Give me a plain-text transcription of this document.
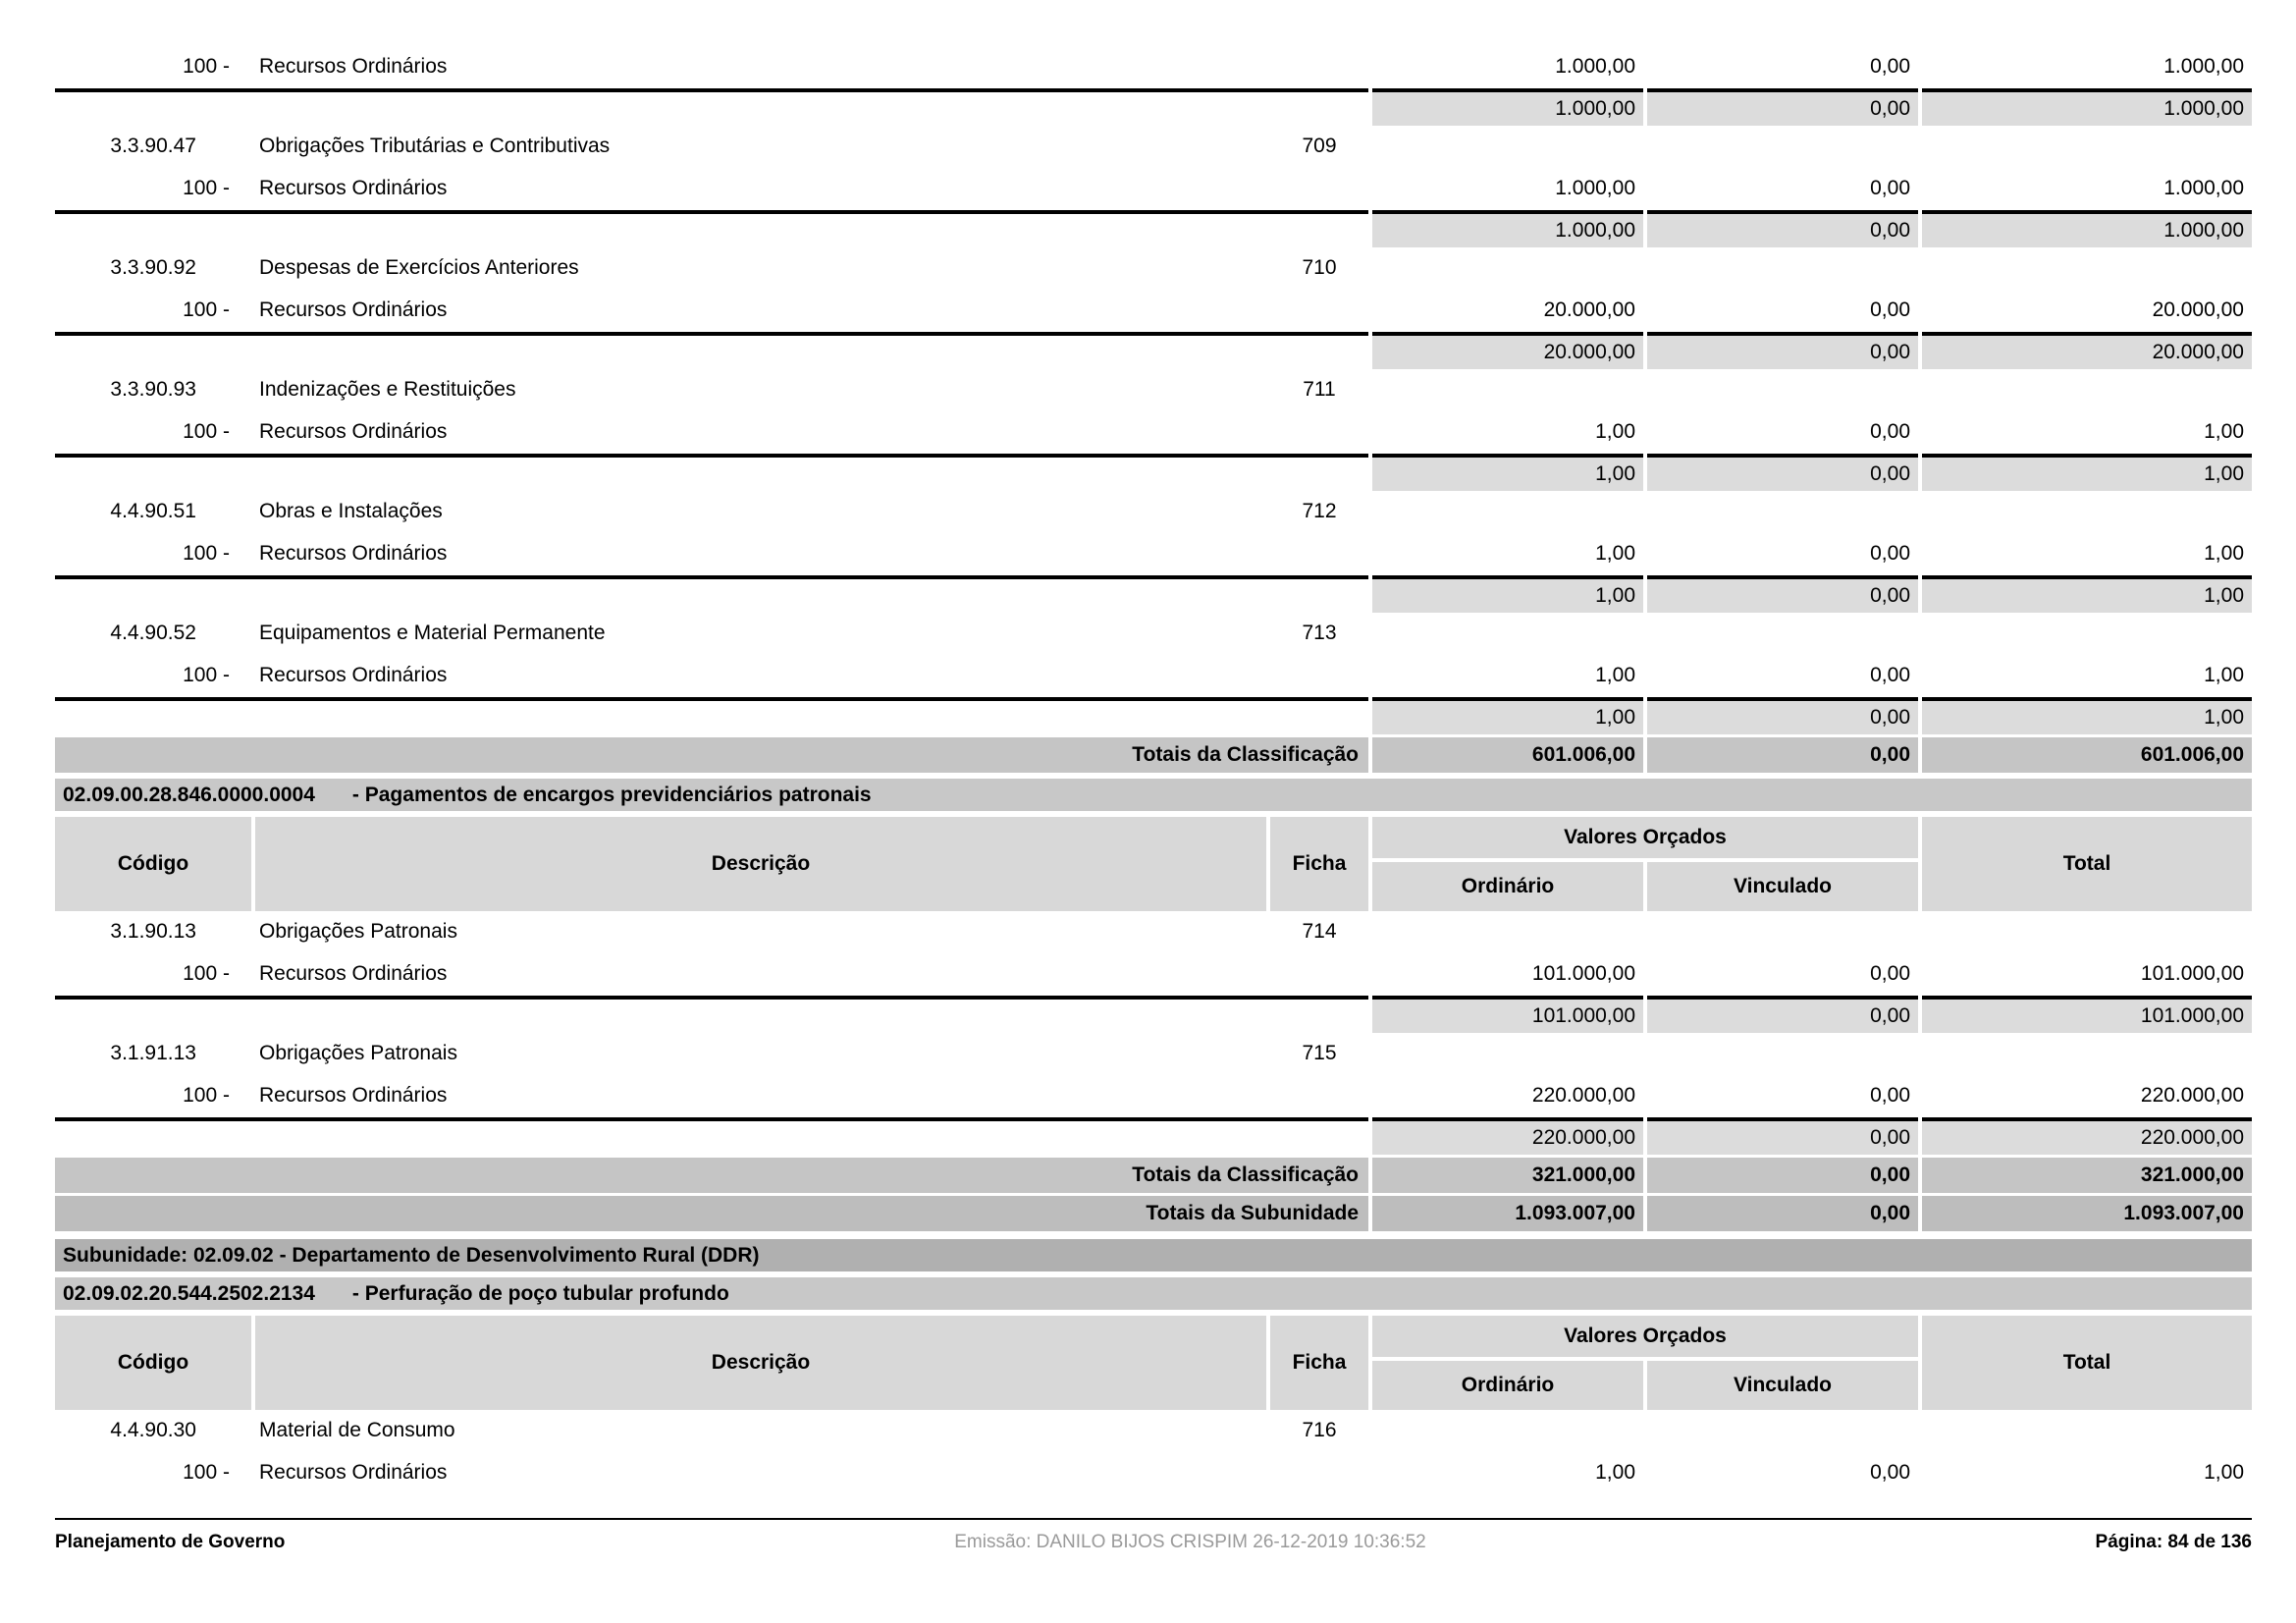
100 -	Recursos Ordinários	1.000,00	0,00	1.000,00
1.000,00	0,00	1.000,00
3.3.90.47	Obrigações Tributárias e Contributivas	709
100 -	Recursos Ordinários	1.000,00	0,00	1.000,00
1.000,00	0,00	1.000,00
3.3.90.92	Despesas de Exercícios Anteriores	710
100 -	Recursos Ordinários	20.000,00	0,00	20.000,00
20.000,00	0,00	20.000,00
3.3.90.93	Indenizações e Restituições	711
100 -	Recursos Ordinários	1,00	0,00	1,00
1,00	0,00	1,00
4.4.90.51	Obras e Instalações	712
100 -	Recursos Ordinários	1,00	0,00	1,00
1,00	0,00	1,00
4.4.90.52	Equipamentos e Material Permanente	713
100 -	Recursos Ordinários	1,00	0,00	1,00
1,00	0,00	1,00
Totais da Classificação	601.006,00	0,00	601.006,00
02.09.00.28.846.0000.0004 - Pagamentos de encargos previdenciários patronais
Código	Descrição	Ficha
Valores Orçados
Ordinário	Vinculado
Total
3.1.90.13	Obrigações Patronais	714
100 -	Recursos Ordinários	101.000,00	0,00	101.000,00
101.000,00	0,00	101.000,00
3.1.91.13	Obrigações Patronais	715
100 -	Recursos Ordinários	220.000,00	0,00	220.000,00
220.000,00	0,00	220.000,00
Totais da Classificação	321.000,00	0,00	321.000,00
Totais da Subunidade	1.093.007,00	0,00	1.093.007,00
Subunidade: 02.09.02 - Departamento de Desenvolvimento Rural (DDR)
02.09.02.20.544.2502.2134 - Perfuração de poço tubular profundo
Código	Descrição	Ficha
Valores Orçados
Ordinário	Vinculado
Total
4.4.90.30	Material de Consumo	716
100 -	Recursos Ordinários	1,00	0,00	1,00
Planejamento de Governo	Emissão: DANILO BIJOS CRISPIM 26-12-2019 10:36:52	Página: 84 de 136
